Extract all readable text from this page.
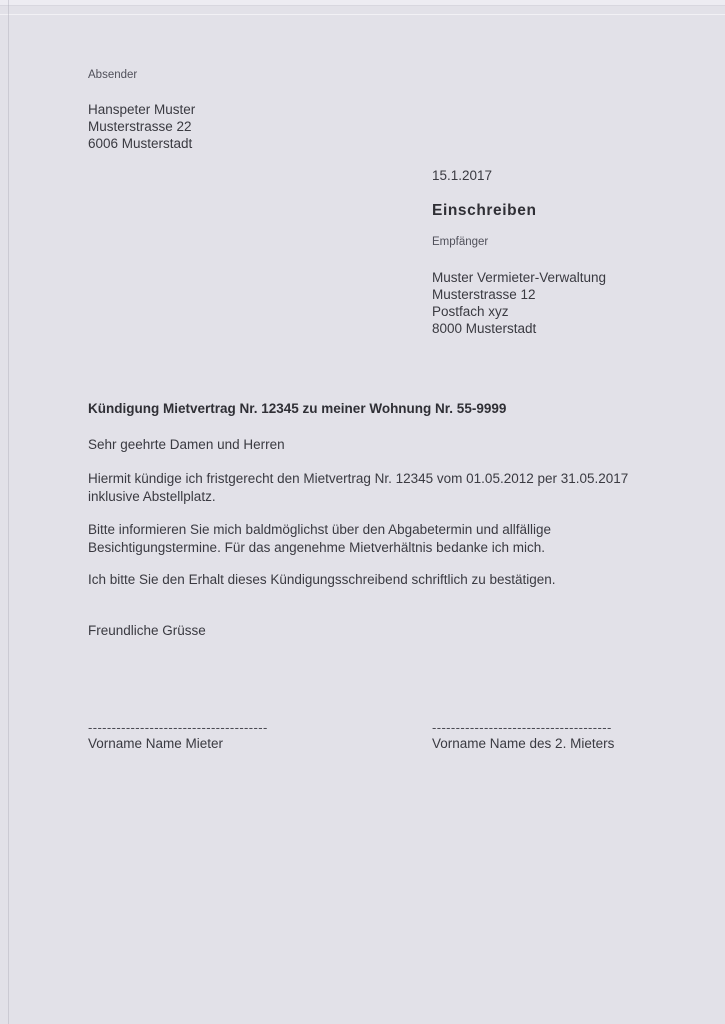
Absender
Hanspeter Muster
Musterstrasse 22
6006 Musterstadt
15.1.2017
Einschreiben
Empfänger
Muster Vermieter-Verwaltung
Musterstrasse 12
Postfach xyz
8000 Musterstadt
Kündigung Mietvertrag Nr. 12345 zu meiner Wohnung Nr. 55-9999
Sehr geehrte Damen und Herren
Hiermit kündige ich fristgerecht den Mietvertrag Nr. 12345 vom 01.05.2012 per 31.05.2017 inklusive Abstellplatz.
Bitte informieren Sie mich baldmöglichst über den Abgabetermin und allfällige Besichtigungstermine. Für das angenehme Mietverhältnis bedanke ich mich.
Ich bitte Sie den Erhalt dieses Kündigungsschreibend schriftlich zu bestätigen.
Freundliche Grüsse
--------------------------------------
Vorname Name Mieter
--------------------------------------
Vorname Name des 2. Mieters
